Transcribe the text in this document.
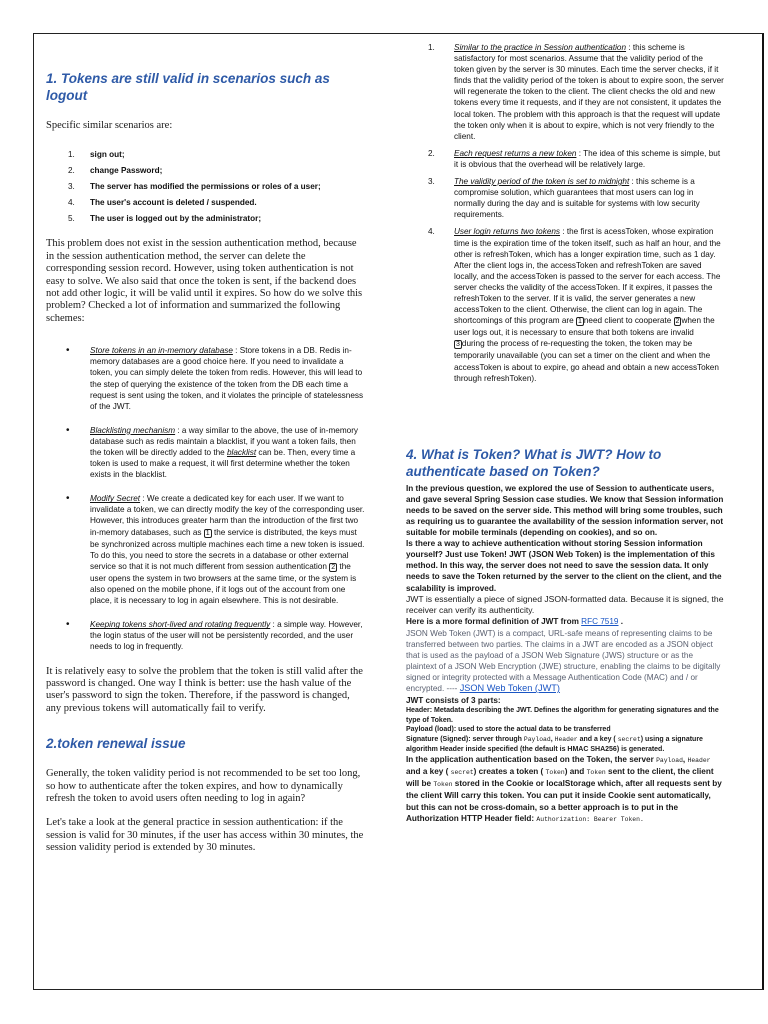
1. Tokens are still valid in scenarios such as logout

Specific similar scenarios are:

1. sign out;
2. change Password;
3. The server has modified the permissions or roles of a user;
4. The user's account is deleted / suspended.
5. The user is logged out by the administrator;

This problem does not exist in the session authentication method, because in the session authentication method, the server can delete the corresponding session record. However, using token authentication is not easy to solve. We also said that once the token is sent, if the backend does not add other logic, it will be valid until it expires. So how do we solve this problem? Checked a lot of information and summarized the following schemes:

• Store tokens in an in-memory database : Store tokens in a DB. Redis in-memory databases are a good choice here. If you need to invalidate a token, you can simply delete the token from redis. However, this will lead to the step of querying the existence of the token from the DB each time a request is sent using the token, and it violates the principle of statelessness of the JWT.
• Blacklisting mechanism : a way similar to the above, the use of in-memory database such as redis maintain a blacklist, if you want a token fails, then the token will be directly added to the blacklist can be. Then, every time a token is used to make a request, it will first determine whether the token exists in the blacklist.
• Modify Secret : We create a dedicated key for each user. If we want to invalidate a token, we can directly modify the key of the corresponding user. However, this introduces greater harm than the introduction of the first two in-memory databases, such as 1 the service is distributed, the keys must be synchronized across multiple machines each time a new token is issued. To do this, you need to store the secrets in a database or other external service so that it is not much different from session authentication 2 the user opens the system in two browsers at the same time, or the system is also opened on the mobile phone, if it logs out of the account from one place, it is necessary to log in again elsewhere. This is not desirable.
• Keeping tokens short-lived and rotating frequently : a simple way. However, the login status of the user will not be persistently recorded, and the user needs to log in frequently.

It is relatively easy to solve the problem that the token is still valid after the password is changed. One way I think is better: use the hash value of the user's password to sign the token. Therefore, if the password is changed, any previous tokens will automatically fail to verify.

2.token renewal issue

Generally, the token validity period is not recommended to be set too long, so how to authenticate after the token expires, and how to dynamically refresh the token to avoid users often needing to log in again?

Let's take a look at the general practice in session authentication: if the session is valid for 30 minutes, if the user has access within 30 minutes, the session validity period is extended by 30 minutes.

1. Similar to the practice in Session authentication : this scheme is satisfactory for most scenarios. Assume that the validity period of the token given by the server is 30 minutes. Each time the server checks, if it finds that the validity period of the token is about to expire soon, the server will regenerate the token to the client. The client checks the old and new tokens every time it requests, and if they are not consistent, it updates the local token. The problem with this approach is that the request will update the token only when it is about to expire, which is not very friendly to the client.
2. Each request returns a new token : The idea of this scheme is simple, but it is obvious that the overhead will be relatively large.
3. The validity period of the token is set to midnight : this scheme is a compromise solution, which guarantees that most users can log in normally during the day and is suitable for systems with low security requirements.
4. User login returns two tokens : the first is acessToken, whose expiration time is the expiration time of the token itself, such as half an hour, and the other is refreshToken, which has a longer expiration time, such as 1 day. After the client logs in, the accessToken and refreshToken are saved locally, and the accessToken is passed to the server for each access. The server checks the validity of the accessToken. If it expires, it passes the refreshToken to the server. If it is valid, the server generates a new accessToken to the client. Otherwise, the client can log in again. The shortcomings of this program are 1 need client to cooperate 2 when the user logs out, it is necessary to ensure that both tokens are invalid 3 during the process of re-requesting the token, the token may be temporarily unavailable (you can set a timer on the client and when the accessToken is about to expire, go ahead and obtain a new accessToken through refreshToken).
4. What is Token? What is JWT? How to authenticate based on Token?

In the previous question, we explored the use of Session to authenticate users, and gave several Spring Session case studies. We know that Session information needs to be saved on the server side. This method will bring some troubles, such as requiring us to guarantee the availability of the session information server, not suitable for mobile terminals (depending on cookies), and so on.

Is there a way to achieve authentication without storing Session information yourself? Just use Token! JWT (JSON Web Token) is the implementation of this method. In this way, the server does not need to save the session data. It only needs to save the Token returned by the server to the client on the client, and the scalability is improved.

JWT is essentially a piece of signed JSON-formatted data. Because it is signed, the receiver can verify its authenticity.

Here is a more formal definition of JWT from RFC 7519 .

JSON Web Token (JWT) is a compact, URL-safe means of representing claims to be transferred between two parties. The claims in a JWT are encoded as a JSON object that is used as the payload of a JSON Web Signature (JWS) structure or as the plaintext of a JSON Web Encryption (JWE) structure, enabling the claims to be digitally signed or integrity protected with a Message Authentication Code (MAC) and / or encrypted. ---- JSON Web Token (JWT)

JWT consists of 3 parts:

Header: Metadata describing the JWT. Defines the algorithm for generating signatures and the type of Token.

Payload (load): used to store the actual data to be transferred

Signature (Signed): server through Payload, Header and a key ( secret) using a signature algorithm Header inside specified (the default is HMAC SHA256) is generated.

In the application authentication based on the Token, the server Payload, Header and a key ( secret) creates a token ( Token) and Token sent to the client, the client will be Token stored in the Cookie or localStorage which, after all requests sent by the client Will carry this token. You can put it inside Cookie sent automatically, but this can not be cross-domain, so a better approach is to put in the Authorization HTTP Header field: Authorization: Bearer Token.
